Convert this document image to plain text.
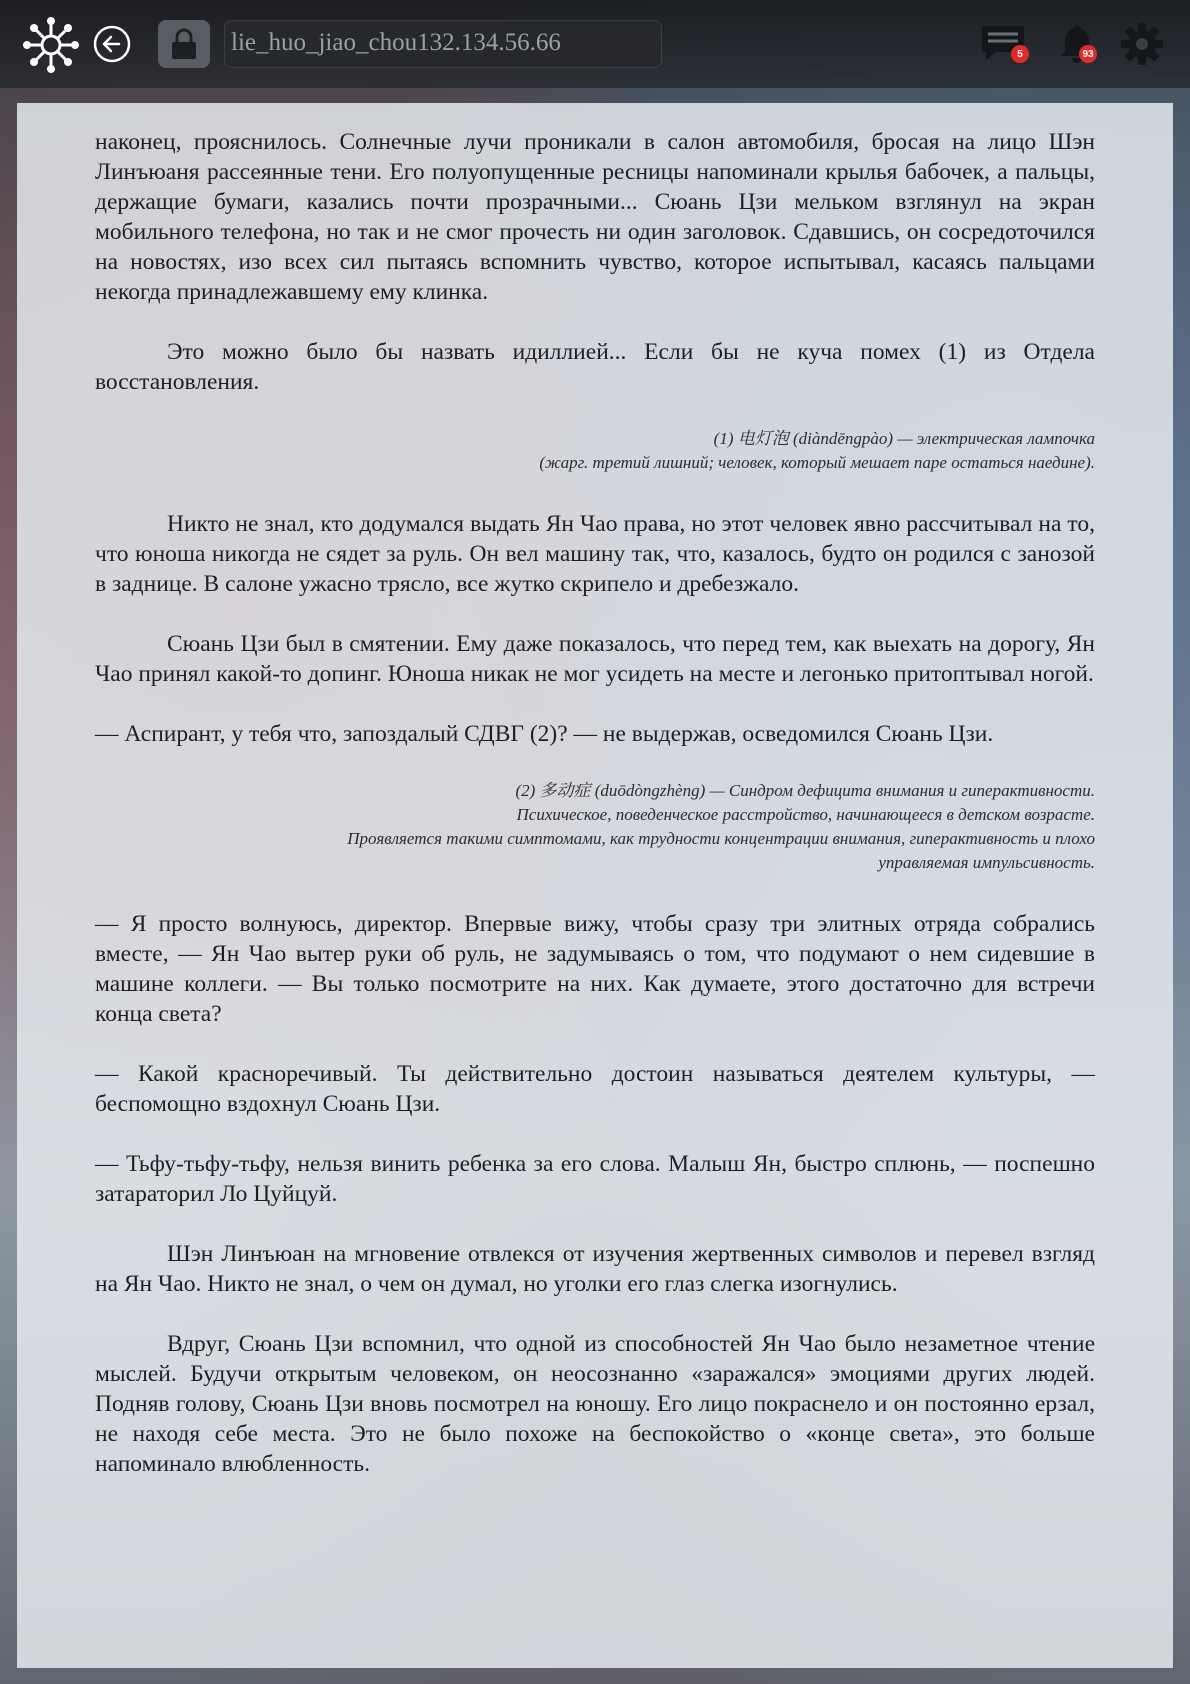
lie_huo_jiao_chou132.134.56.66	5	93

наконец, прояснилось. Солнечные лучи проникали в салон автомобиля, бросая на лицо Шэн Линъюаня рассеянные тени. Его полуопущенные ресницы напоминали крылья бабочек, а пальцы, держащие бумаги, казались почти прозрачными... Сюань Цзи мельком взглянул на экран мобильного телефона, но так и не смог прочесть ни один заголовок. Сдавшись, он сосредоточился на новостях, изо всех сил пытаясь вспомнить чувство, которое испытывал, касаясь пальцами некогда принадлежавшему ему клинка.

Это можно было бы назвать идиллией... Если бы не куча помех (1) из Отдела восстановления.

(1) 电灯泡 (diàndēngpào) — электрическая лампочка
(жарг. третий лишний; человек, который мешает паре остаться наедине).

Никто не знал, кто додумался выдать Ян Чао права, но этот человек явно рассчитывал на то, что юноша никогда не сядет за руль. Он вел машину так, что, казалось, будто он родился с занозой в заднице. В салоне ужасно трясло, все жутко скрипело и дребезжало.

Сюань Цзи был в смятении. Ему даже показалось, что перед тем, как выехать на дорогу, Ян Чао принял какой-то допинг. Юноша никак не мог усидеть на месте и легонько притоптывал ногой.

— Аспирант, у тебя что, запоздалый СДВГ (2)? — не выдержав, осведомился Сюань Цзи.

(2) 多动症 (duōdòngzhèng) — Синдром дефицита внимания и гиперактивности.
Психическое, поведенческое расстройство, начинающееся в детском возрасте.
Проявляется такими симптомами, как трудности концентрации внимания, гиперактивность и плохо
управляемая импульсивность.

— Я просто волнуюсь, директор. Впервые вижу, чтобы сразу три элитных отряда собрались вместе, — Ян Чао вытер руки об руль, не задумываясь о том, что подумают о нем сидевшие в машине коллеги. — Вы только посмотрите на них. Как думаете, этого достаточно для встречи конца света?

— Какой красноречивый. Ты действительно достоин называться деятелем культуры, — беспомощно вздохнул Сюань Цзи.

— Тьфу-тьфу-тьфу, нельзя винить ребенка за его слова. Малыш Ян, быстро сплюнь, — поспешно затараторил Ло Цуйцуй.

Шэн Линъюан на мгновение отвлекся от изучения жертвенных символов и перевел взгляд на Ян Чао. Никто не знал, о чем он думал, но уголки его глаз слегка изогнулись.

Вдруг, Сюань Цзи вспомнил, что одной из способностей Ян Чао было незаметное чтение мыслей. Будучи открытым человеком, он неосознанно «заражался» эмоциями других людей. Подняв голову, Сюань Цзи вновь посмотрел на юношу. Его лицо покраснело и он постоянно ерзал, не находя себе места. Это не было похоже на беспокойство о «конце света», это больше напоминало влюбленность.
